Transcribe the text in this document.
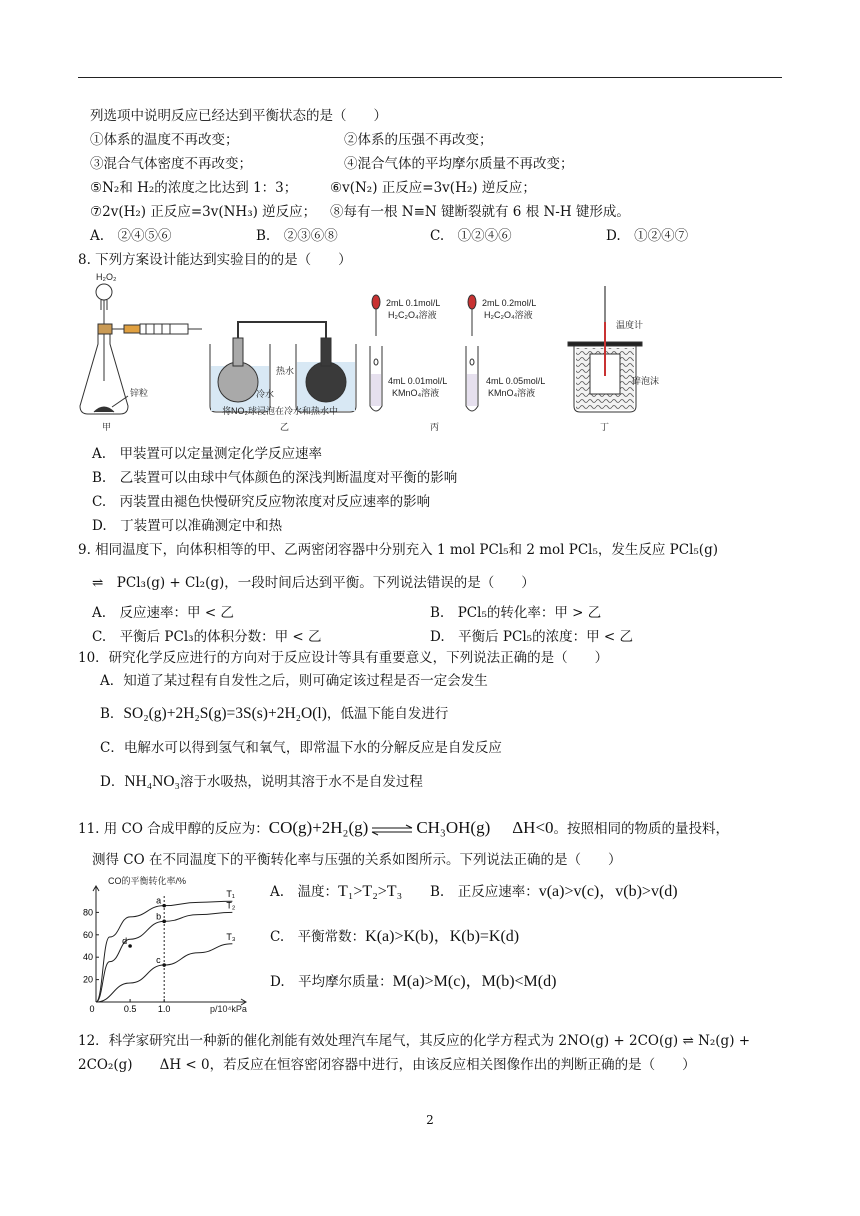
列选项中说明反应已经达到平衡状态的是（　　）
①体系的温度不再改变；	②体系的压强不再改变；
③混合气体密度不再改变；	④混合气体的平均摩尔质量不再改变；
⑤N₂和 H₂的浓度之比达到 1：3； ⑥v(N₂) 正反应=3v(H₂) 逆反应；
⑦2v(H₂) 正反应=3v(NH₃) 逆反应； ⑧每有一根 N≡N 键断裂就有 6 根 N-H 键形成。
A.　②④⑤⑥	B.　②③⑥⑧	C.　①②④⑥	D.　①②④⑦
8. 下列方案设计能达到实验目的的是（　　）
H₂O₂
锌粒
甲
热水
冷水
将NO₂球浸泡在冷水和热水中
乙
2mL 0.1mol/L
H₂C₂O₄溶液
4mL 0.01mol/L
KMnO₄溶液
2mL 0.2mol/L
H₂C₂O₄溶液
4mL 0.05mol/L
KMnO₄溶液
丙
温度计
碎泡沫
丁
A.　甲装置可以定量测定化学反应速率
B.　乙装置可以由球中气体颜色的深浅判断温度对平衡的影响
C.　丙装置由褪色快慢研究反应物浓度对反应速率的影响
D.　丁装置可以准确测定中和热
9. 相同温度下，向体积相等的甲、乙两密闭容器中分别充入 1 mol PCl₅和 2 mol PCl₅，发生反应 PCl₅(g)
⇌　PCl₃(g) + Cl₂(g)，一段时间后达到平衡。下列说法错误的是（　　）
A.　反应速率：甲 < 乙	B.　PCl₅的转化率：甲 > 乙
C.　平衡后 PCl₃的体积分数：甲 < 乙	D.　平衡后 PCl₅的浓度：甲 < 乙
10．研究化学反应进行的方向对于反应设计等具有重要意义，下列说法正确的是（　　）
A．知道了某过程有自发性之后，则可确定该过程是否一定会发生
B．SO₂(g)+2H₂S(g)=3S(s)+2H₂O(l)，低温下能自发进行
C．电解水可以得到氢气和氧气，即常温下水的分解反应是自发反应
D．NH₄NO₃溶于水吸热，说明其溶于水不是自发过程
11. 用 CO 合成甲醇的反应为：CO(g)+2H₂(g) ⇌ CH₃OH(g) ΔH<0。按照相同的物质的量投料，
测得 CO 在不同温度下的平衡转化率与压强的关系如图所示。下列说法正确的是（　　）
CO的平衡转化率/%
p/10⁴kPa
0	0.5 1.0
20
40
60
80
T₁
T₂
T₃
a
b
c
d
A.　温度：T₁>T₂>T₃ B.　正反应速率：v(a)>v(c)，v(b)>v(d)
C.　平衡常数：K(a)>K(b)，K(b)=K(d)
D.　平均摩尔质量：M(a)>M(c)，M(b)<M(d)
12．科学家研究出一种新的催化剂能有效处理汽车尾气，其反应的化学方程式为 2NO(g) + 2CO(g) ⇌ N₂(g) +
2CO₂(g)　　ΔH < 0，若反应在恒容密闭容器中进行，由该反应相关图像作出的判断正确的是（　　）
2
